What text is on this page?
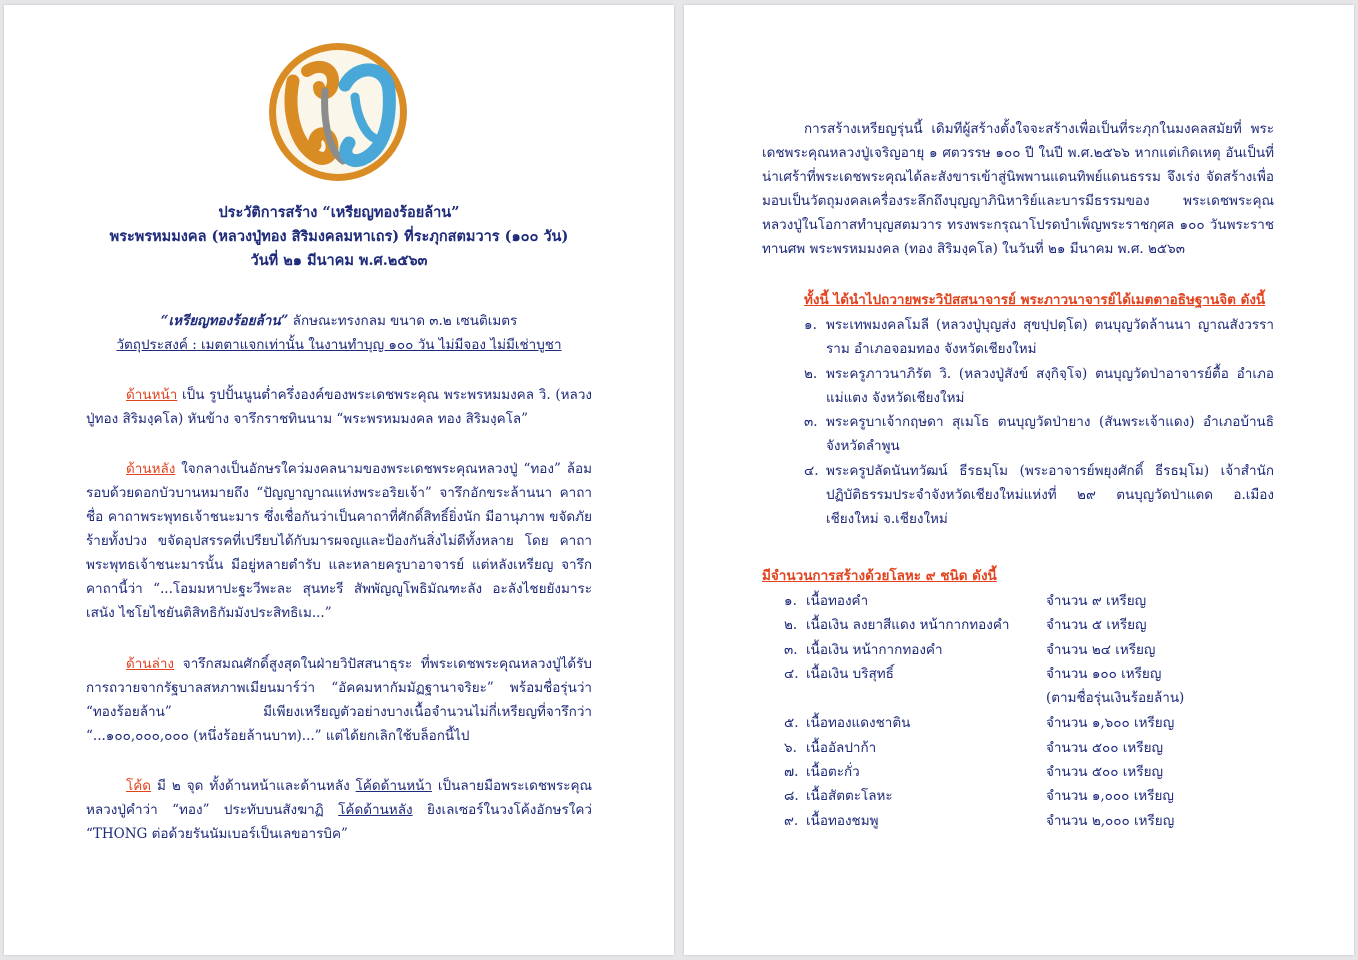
ประวัติการสร้าง “เหรียญทองร้อยล้าน”
พระพรหมมงคล (หลวงปู่ทอง สิริมงคลมหาเถร) ที่ระภุกสตมวาร (๑๐๐ วัน)
วันที่ ๒๑ มีนาคม พ.ศ.๒๕๖๓
“เหรียญทองร้อยล้าน” ลักษณะทรงกลม ขนาด ๓.๒ เซนติเมตร
วัตถุประสงค์ : เมตตาแจกเท่านั้น ในงานทำบุญ ๑๐๐ วัน ไม่มีจอง ไม่มีเช่าบูชา
ด้านหน้า เป็น รูปปั้นนูนต่ำครึ่งองค์ของพระเดชพระคุณ พระพรหมมงคล วิ. (หลวงปู่ทอง สิริมงฺคโล) หันข้าง จารึกราชทินนาม “พระพรหมมงคล ทอง สิริมงฺคโล”
ด้านหลัง ใจกลางเป็นอักษรใคว่มงคลนามของพระเดชพระคุณหลวงปู่ “ทอง” ล้อมรอบด้วยดอกบัวบานหมายถึง “ปัญญาญาณแห่งพระอริยเจ้า” จารึกอักขระล้านนา คาถา ชื่อ คาถาพระพุทธเจ้าชนะมาร ซึ่งเชื่อกันว่าเป็นคาถาที่ศักดิ์สิทธิ์ยิ่งนัก มีอานุภาพ ขจัดภัยร้ายทั้งปวง ขจัดอุปสรรคที่เปรียบได้กับมารผจญและป้องกันสิ่งไม่ดีทั้งหลาย โดย คาถาพระพุทธเจ้าชนะมารนั้น มีอยู่หลายตำรับ และหลายครูบาอาจารย์ แต่หลังเหรียญ จารึกคาถานี้ว่า “...โอมมหาปะฐะวีพะละ สุนทะรี สัพพัญญูโพธิมัณฑะลัง อะลังไชยยังมาระ เสนัง ไชโยไชยันติสิทธิกัมมังประสิทธิเม...”
ด้านล่าง จารึกสมณศักดิ์สูงสุดในฝ่ายวิปัสสนาธุระ ที่พระเดชพระคุณหลวงปู่ได้รับ การถวายจากรัฐบาลสหภาพเมียนมาร์ว่า “อัคคมหากัมมัฏฐานาจริยะ” พร้อมชื่อรุ่นว่า “ทองร้อยล้าน” มีเพียงเหรียญตัวอย่างบางเนื้อจำนวนไม่กี่เหรียญที่จารึกว่า “...๑๐๐,๐๐๐,๐๐๐ (หนึ่งร้อยล้านบาท)...” แต่ได้ยกเลิกใช้บล็อกนี้ไป
โค้ด มี ๒ จุด ทั้งด้านหน้าและด้านหลัง โค้ดด้านหน้า เป็นลายมือพระเดชพระคุณ หลวงปู่คำว่า “ทอง” ประทับบนสังฆาฏิ โค้ดด้านหลัง ยิงเลเซอร์ในวงโค้งอักษรใคว่ “THONG ต่อด้วยรันนัมเบอร์เป็นเลขอารบิค”
การสร้างเหรียญรุ่นนี้ เดิมทีผู้สร้างตั้งใจจะสร้างเพื่อเป็นที่ระภุกในมงคลสมัยที่ พระเดชพระคุณหลวงปู่เจริญอายุ ๑ ศตวรรษ ๑๐๐ ปี ในปี พ.ศ.๒๕๖๖ หากแต่เกิดเหตุ อันเป็นที่น่าเศร้าที่พระเดชพระคุณได้ละสังขารเข้าสู่นิพพานแดนทิพย์แดนธรรม จึงเร่ง จัดสร้างเพื่อมอบเป็นวัตถุมงคลเครื่องระลึกถึงบุญญาภินิหาริย์และบารมีธรรมของ พระเดชพระคุณหลวงปู่ในโอกาสทำบุญสตมวาร ทรงพระกรุณาโปรดบำเพ็ญพระราชกุศล ๑๐๐ วันพระราชทานศพ พระพรหมมงคล (ทอง สิริมงฺคโล) ในวันที่ ๒๑ มีนาคม พ.ศ. ๒๕๖๓
ทั้งนี้ ได้นำไปถวายพระวิปัสสนาจารย์ พระภาวนาจารย์ได้เมตตาอธิษฐานจิต ดังนี้
๑. พระเทพมงคลโมลี (หลวงปู่บุญส่ง สุขปฺปตฺโต) ตนบุญวัดล้านนา ญาณสังวรราราม อำเภอจอมทอง จังหวัดเชียงใหม่
๒. พระครูภาวนาภิรัต วิ. (หลวงปู่สังข์ สงฺกิจฺโจ) ตนบุญวัดป่าอาจารย์ตื้อ อำเภอแม่แตง จังหวัดเชียงใหม่
๓. พระครูบาเจ้ากฤษดา สุเมโธ ตนบุญวัดป่ายาง (สันพระเจ้าแดง) อำเภอบ้านธิ จังหวัดลำพูน
๔. พระครูปลัดนันทวัฒน์ ธีรธมฺโม (พระอาจารย์พยุงศักดิ์ ธีรธมฺโม) เจ้าสำนัก ปฏิบัติธรรมประจำจังหวัดเชียงใหม่แห่งที่ ๒๙ ตนบุญวัดป่าแดด อ.เมือง เชียงใหม่ จ.เชียงใหม่
มีจำนวนการสร้างด้วยโลหะ ๙ ชนิด ดังนี้
๑. เนื้อทองคำ	จำนวน ๙ เหรียญ
๒. เนื้อเงิน ลงยาสีแดง หน้ากากทองคำ	จำนวน ๕ เหรียญ
๓. เนื้อเงิน หน้ากากทองคำ	จำนวน ๒๔ เหรียญ
๔. เนื้อเงิน บริสุทธิ์	จำนวน ๑๐๐ เหรียญ
(ตามชื่อรุ่นเงินร้อยล้าน)
๕. เนื้อทองแดงชาติน	จำนวน ๑,๖๐๐ เหรียญ
๖. เนื้ออัลปาก้า	จำนวน ๕๐๐ เหรียญ
๗. เนื้อตะกั่ว	จำนวน ๕๐๐ เหรียญ
๘. เนื้อสัตตะโลหะ	จำนวน ๑,๐๐๐ เหรียญ
๙. เนื้อทองชมพู	จำนวน ๒,๐๐๐ เหรียญ
